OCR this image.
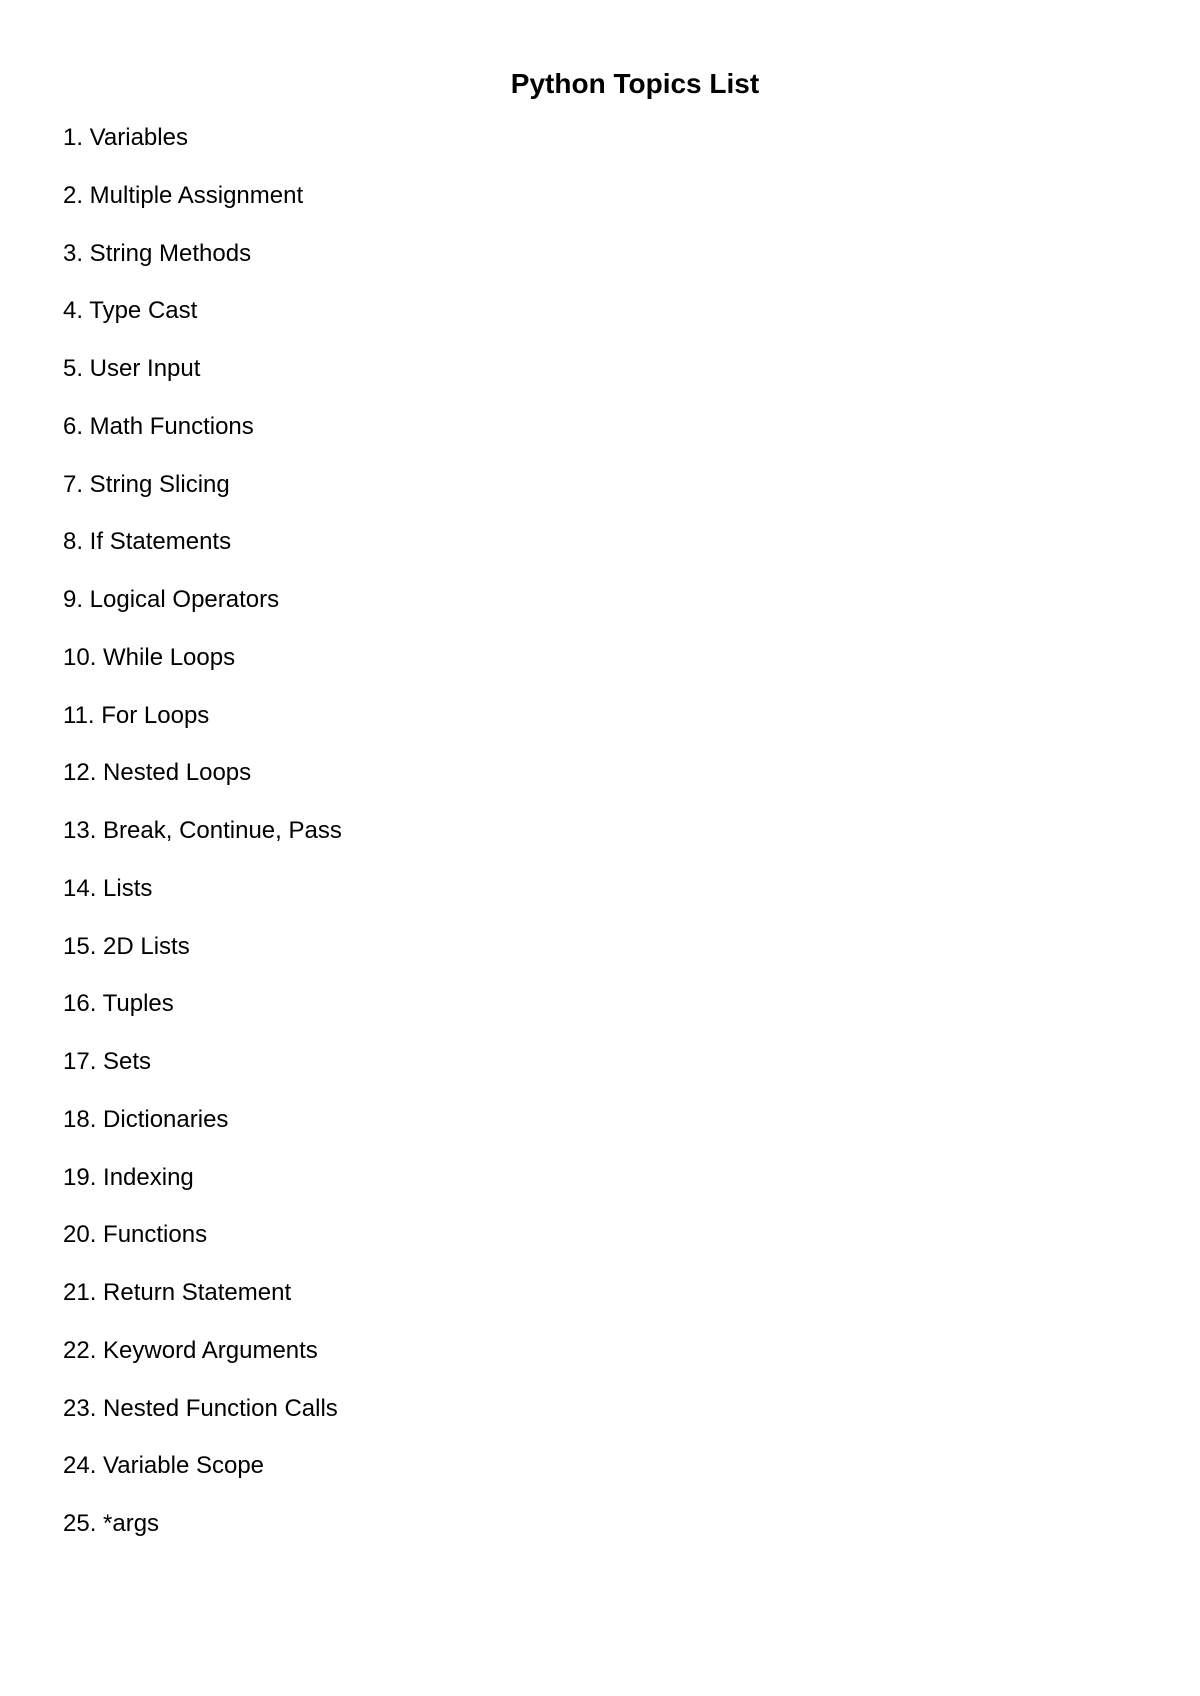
Python Topics List
1. Variables
2. Multiple Assignment
3. String Methods
4. Type Cast
5. User Input
6. Math Functions
7. String Slicing
8. If Statements
9. Logical Operators
10. While Loops
11. For Loops
12. Nested Loops
13. Break, Continue, Pass
14. Lists
15. 2D Lists
16. Tuples
17. Sets
18. Dictionaries
19. Indexing
20. Functions
21. Return Statement
22. Keyword Arguments
23. Nested Function Calls
24. Variable Scope
25. *args
